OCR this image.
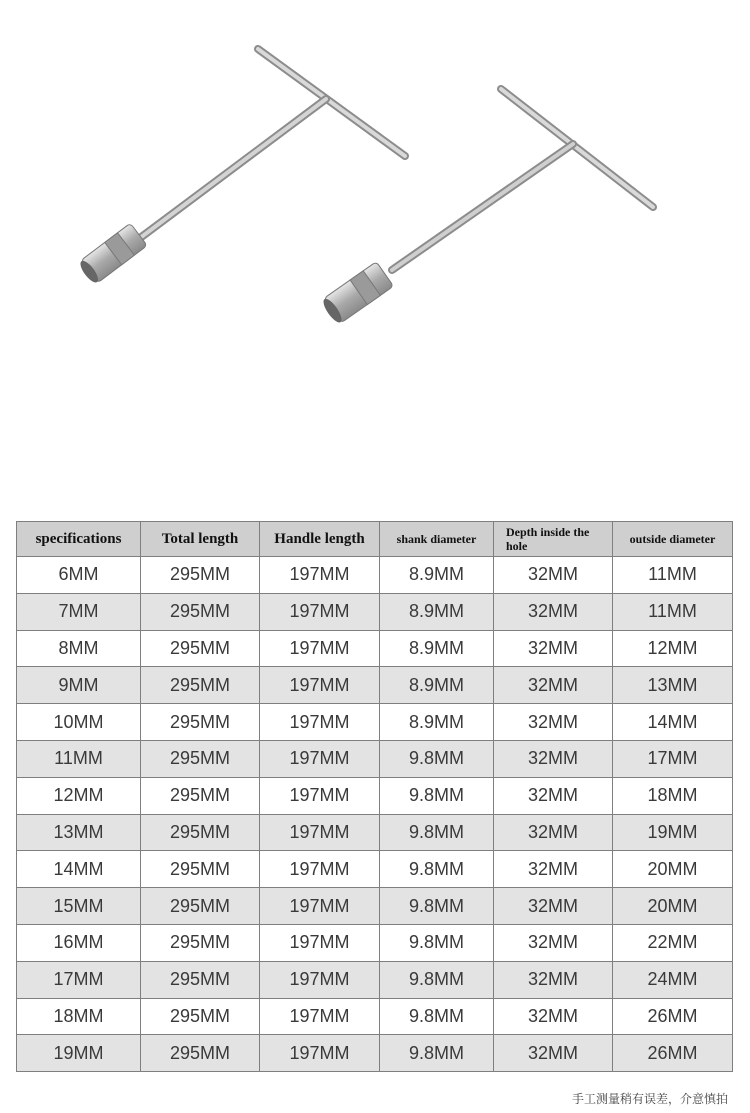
specifications	Total length	Handle length	shank diameter	Depth inside the hole	outside diameter
6MM	295MM	197MM	8.9MM	32MM	11MM
7MM	295MM	197MM	8.9MM	32MM	11MM
8MM	295MM	197MM	8.9MM	32MM	12MM
9MM	295MM	197MM	8.9MM	32MM	13MM
10MM	295MM	197MM	8.9MM	32MM	14MM
11MM	295MM	197MM	9.8MM	32MM	17MM
12MM	295MM	197MM	9.8MM	32MM	18MM
13MM	295MM	197MM	9.8MM	32MM	19MM
14MM	295MM	197MM	9.8MM	32MM	20MM
15MM	295MM	197MM	9.8MM	32MM	20MM
16MM	295MM	197MM	9.8MM	32MM	22MM
17MM	295MM	197MM	9.8MM	32MM	24MM
18MM	295MM	197MM	9.8MM	32MM	26MM
19MM	295MM	197MM	9.8MM	32MM	26MM
手工测量稍有误差，介意慎拍
